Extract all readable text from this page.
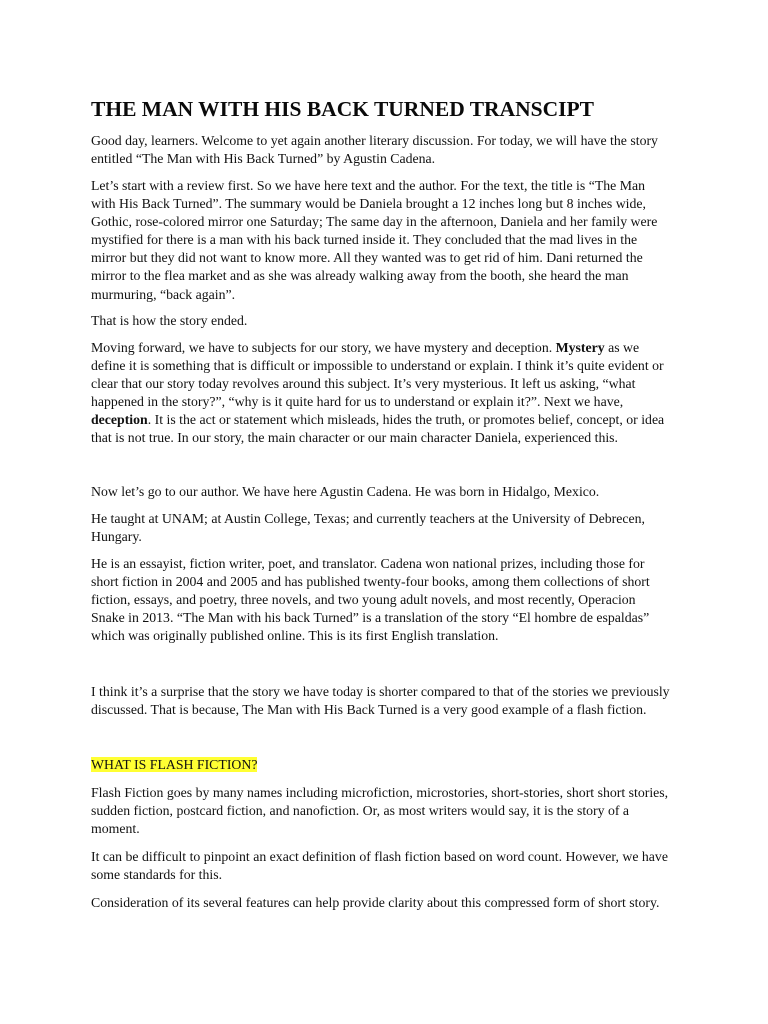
THE MAN WITH HIS BACK TURNED TRANSCIPT

Good day, learners. Welcome to yet again another literary discussion. For today, we will have the story entitled “The Man with His Back Turned” by Agustin Cadena.

Let’s start with a review first. So we have here text and the author. For the text, the title is “The Man with His Back Turned”. The summary would be Daniela brought a 12 inches long but 8 inches wide, Gothic, rose-colored mirror one Saturday; The same day in the afternoon, Daniela and her family were mystified for there is a man with his back turned inside it. They concluded that the mad lives in the mirror but they did not want to know more. All they wanted was to get rid of him. Dani returned the mirror to the flea market and as she was already walking away from the booth, she heard the man murmuring, “back again”.

That is how the story ended.

Moving forward, we have to subjects for our story, we have mystery and deception. Mystery as we define it is something that is difficult or impossible to understand or explain. I think it’s quite evident or clear that our story today revolves around this subject. It’s very mysterious. It left us asking, “what happened in the story?”, “why is it quite hard for us to understand or explain it?”. Next we have, deception. It is the act or statement which misleads, hides the truth, or promotes belief, concept, or idea that is not true. In our story, the main character or our main character Daniela, experienced this.

Now let’s go to our author. We have here Agustin Cadena. He was born in Hidalgo, Mexico.

He taught at UNAM; at Austin College, Texas; and currently teachers at the University of Debrecen, Hungary.

He is an essayist, fiction writer, poet, and translator. Cadena won national prizes, including those for short fiction in 2004 and 2005 and has published twenty-four books, among them collections of short fiction, essays, and poetry, three novels, and two young adult novels, and most recently, Operacion Snake in 2013. “The Man with his back Turned” is a translation of the story “El hombre de espaldas” which was originally published online. This is its first English translation.

I think it’s a surprise that the story we have today is shorter compared to that of the stories we previously discussed. That is because, The Man with His Back Turned is a very good example of a flash fiction.

WHAT IS FLASH FICTION?

Flash Fiction goes by many names including microfiction, microstories, short-stories, short short stories, sudden fiction, postcard fiction, and nanofiction. Or, as most writers would say, it is the story of a moment.

It can be difficult to pinpoint an exact definition of flash fiction based on word count. However, we have some standards for this.

Consideration of its several features can help provide clarity about this compressed form of short story.
